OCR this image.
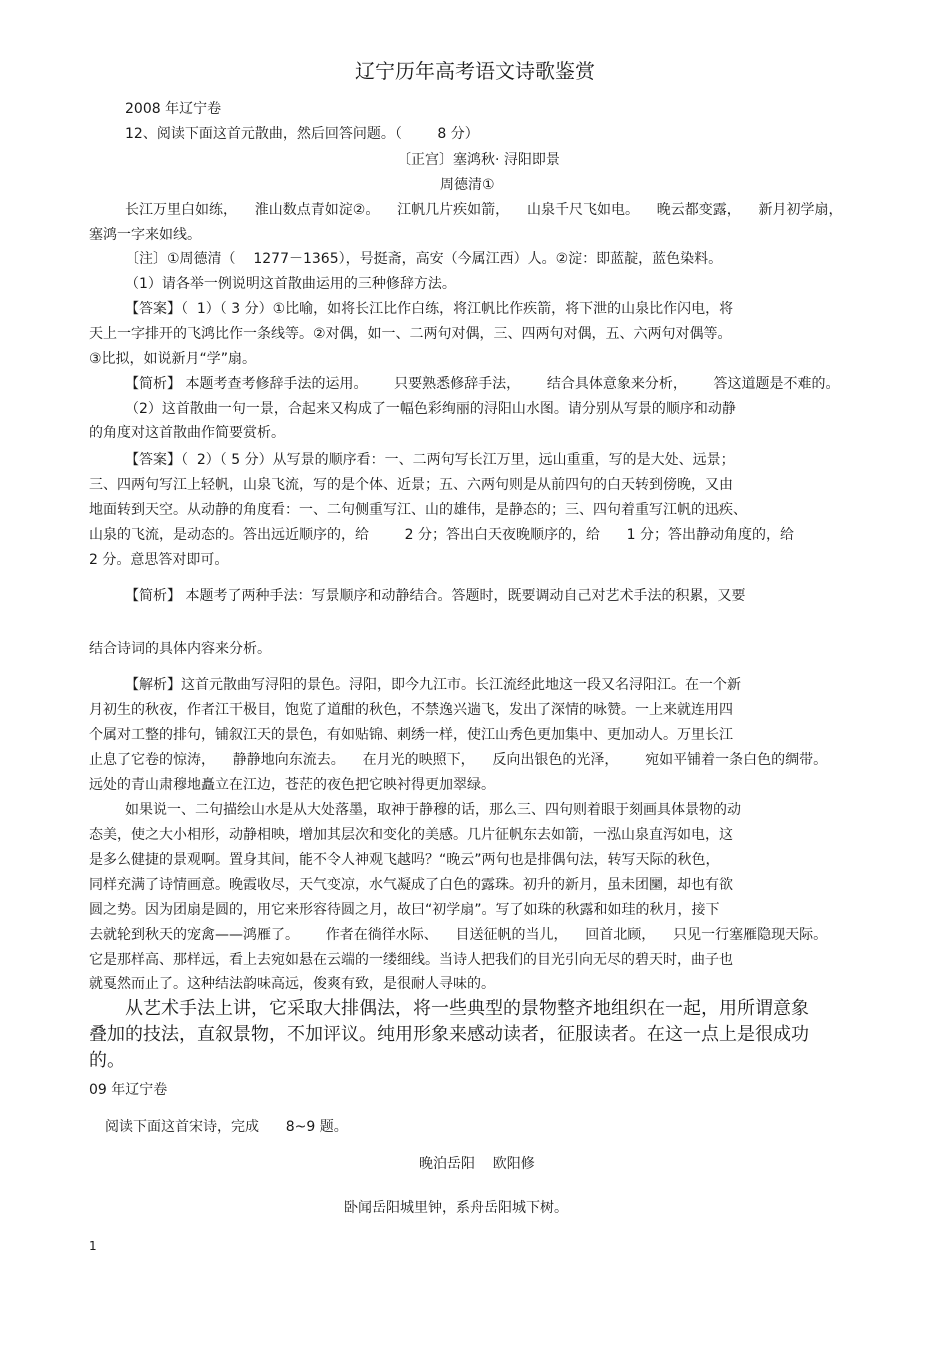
辽宁历年高考语文诗歌鉴赏
2008 年辽宁卷
12、阅读下面这首元散曲，然后回答问题。（        8 分）
〔正宫〕塞鸿秋· 浔阳即景
周德清①
长江万里白如练，    淮山数点青如淀②。    江帆几片疾如箭，    山泉千尺飞如电。    晚云都变露，    新月初学扇，
塞鸿一字来如线。
〔注〕①周德清（    1277－1365），号挺斋，高安（今属江西）人。②淀：即蓝靛，蓝色染料。
（1）请各举一例说明这首散曲运用的三种修辞方法。
【答案】（  1）（ 3 分）①比喻，如将长江比作白练，将江帆比作疾箭，将下泄的山泉比作闪电，将
天上一字排开的飞鸿比作一条线等。②对偶，如一、二两句对偶，三、四两句对偶，五、六两句对偶等。
③比拟，如说新月“学”扇。
【简析】 本题考查考修辞手法的运用。      只要熟悉修辞手法，      结合具体意象来分析，      答这道题是不难的。
（2）这首散曲一句一景，合起来又构成了一幅色彩绚丽的浔阳山水图。请分别从写景的顺序和动静
的角度对这首散曲作简要赏析。
【答案】（  2）（ 5 分）从写景的顺序看：一、二两句写长江万里，远山重重，写的是大处、远景；
三、四两句写江上轻帆，山泉飞流，写的是个体、近景；五、六两句则是从前四句的白天转到傍晚，又由
地面转到天空。从动静的角度看：一、二句侧重写江、山的雄伟，是静态的；三、四句着重写江帆的迅疾、
山泉的飞流，是动态的。答出远近顺序的，给        2 分；答出白天夜晚顺序的，给      1 分；答出静动角度的，给
2 分。意思答对即可。
【简析】 本题考了两种手法：写景顺序和动静结合。答题时，既要调动自己对艺术手法的积累，又要
结合诗词的具体内容来分析。
【解析】这首元散曲写浔阳的景色。浔阳，即今九江市。长江流经此地这一段又名浔阳江。在一个新
月初生的秋夜，作者江干极目，饱览了道酣的秋色，不禁逸兴遄飞，发出了深情的咏赞。一上来就连用四
个属对工整的排句，铺叙江天的景色，有如贴锦、刺绣一样，使江山秀色更加集中、更加动人。万里长江
止息了它卷的惊涛，    静静地向东流去。    在月光的映照下，    反向出银色的光泽，      宛如平铺着一条白色的绸带。
远处的青山肃穆地矗立在江边，苍茫的夜色把它映衬得更加翠绿。
如果说一、二句描绘山水是从大处落墨，取神于静穆的话，那么三、四句则着眼于刻画具体景物的动
态美，使之大小相形，动静相映，增加其层次和变化的美感。几片征帆东去如箭，一泓山泉直泻如电，这
是多么健捷的景观啊。置身其间，能不令人神观飞越吗？“晚云”两句也是排偶句法，转写天际的秋色，
同样充满了诗情画意。晚霞收尽，天气变凉，水气凝成了白色的露珠。初升的新月，虽未团圞，却也有欲
圆之势。因为团扇是圆的，用它来形容待圆之月，故曰“初学扇”。写了如珠的秋露和如珪的秋月，接下
去就轮到秋天的宠禽——鸿雁了。      作者在徜徉水际、    目送征帆的当儿，    回首北顾，    只见一行塞雁隐现天际。
它是那样高、那样远，看上去宛如悬在云端的一缕细线。当诗人把我们的目光引向无尽的碧天时，曲子也
就戛然而止了。这种结法韵味高远，俊爽有致，是很耐人寻味的。
从艺术手法上讲，它采取大排偶法，将一些典型的景物整齐地组织在一起，用所谓意象
叠加的技法，直叙景物，不加评议。纯用形象来感动读者，征服读者。在这一点上是很成功
的。
09 年辽宁卷
阅读下面这首宋诗，完成      8~9 题。
晚泊岳阳    欧阳修
卧闻岳阳城里钟，系舟岳阳城下树。
1
